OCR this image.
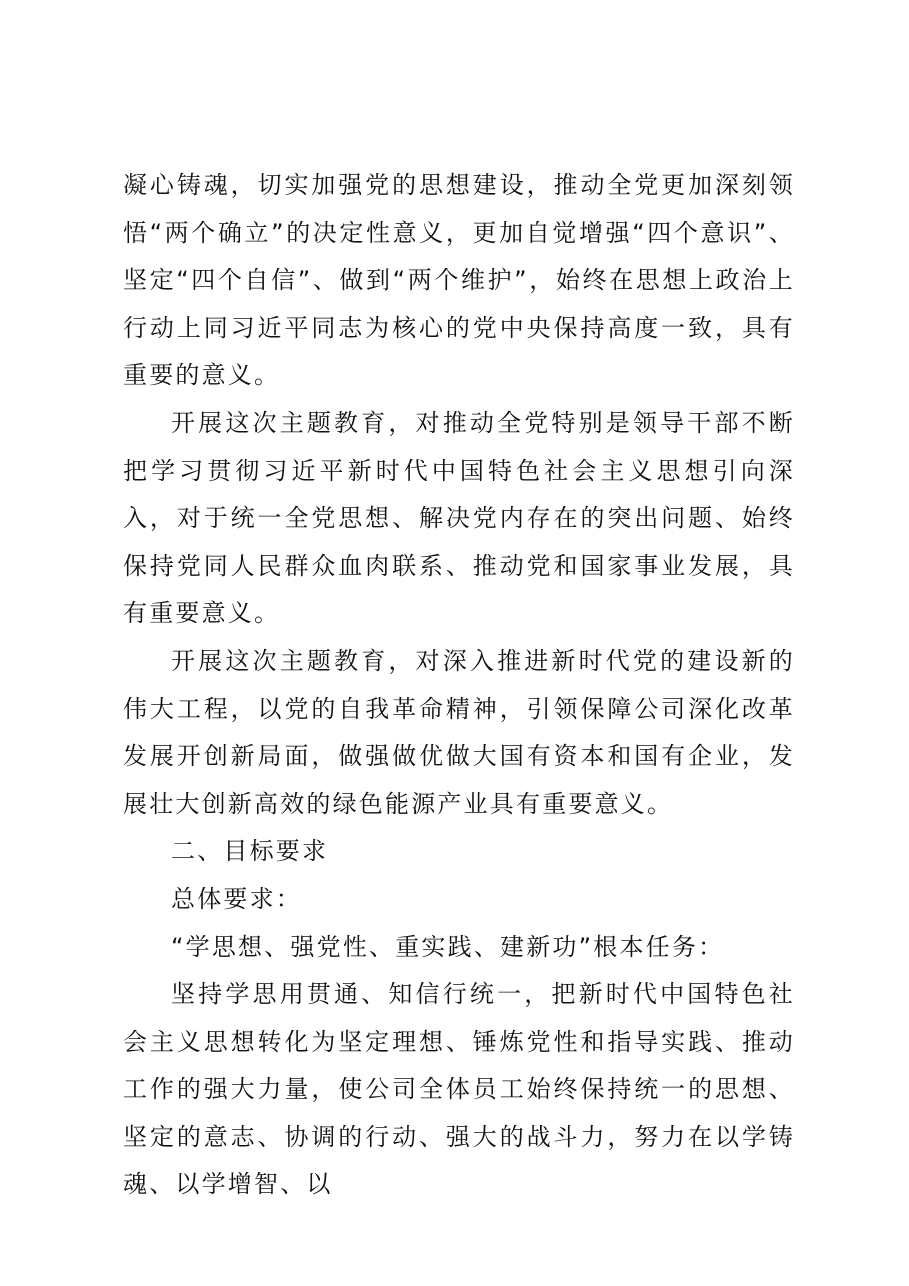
凝心铸魂，切实加强党的思想建设，推动全党更加深刻领悟“两个确立”的决定性意义，更加自觉增强“四个意识”、坚定“四个自信”、做到“两个维护”，始终在思想上政治上行动上同习近平同志为核心的党中央保持高度一致，具有重要的意义。

开展这次主题教育，对推动全党特别是领导干部不断把学习贯彻习近平新时代中国特色社会主义思想引向深入，对于统一全党思想、解决党内存在的突出问题、始终保持党同人民群众血肉联系、推动党和国家事业发展，具有重要意义。

开展这次主题教育，对深入推进新时代党的建设新的伟大工程，以党的自我革命精神，引领保障公司深化改革发展开创新局面，做强做优做大国有资本和国有企业，发展壮大创新高效的绿色能源产业具有重要意义。

二、目标要求

总体要求：

“学思想、强党性、重实践、建新功”根本任务：

坚持学思用贯通、知信行统一，把新时代中国特色社会主义思想转化为坚定理想、锤炼党性和指导实践、推动工作的强大力量，使公司全体员工始终保持统一的思想、坚定的意志、协调的行动、强大的战斗力，努力在以学铸魂、以学增智、以
